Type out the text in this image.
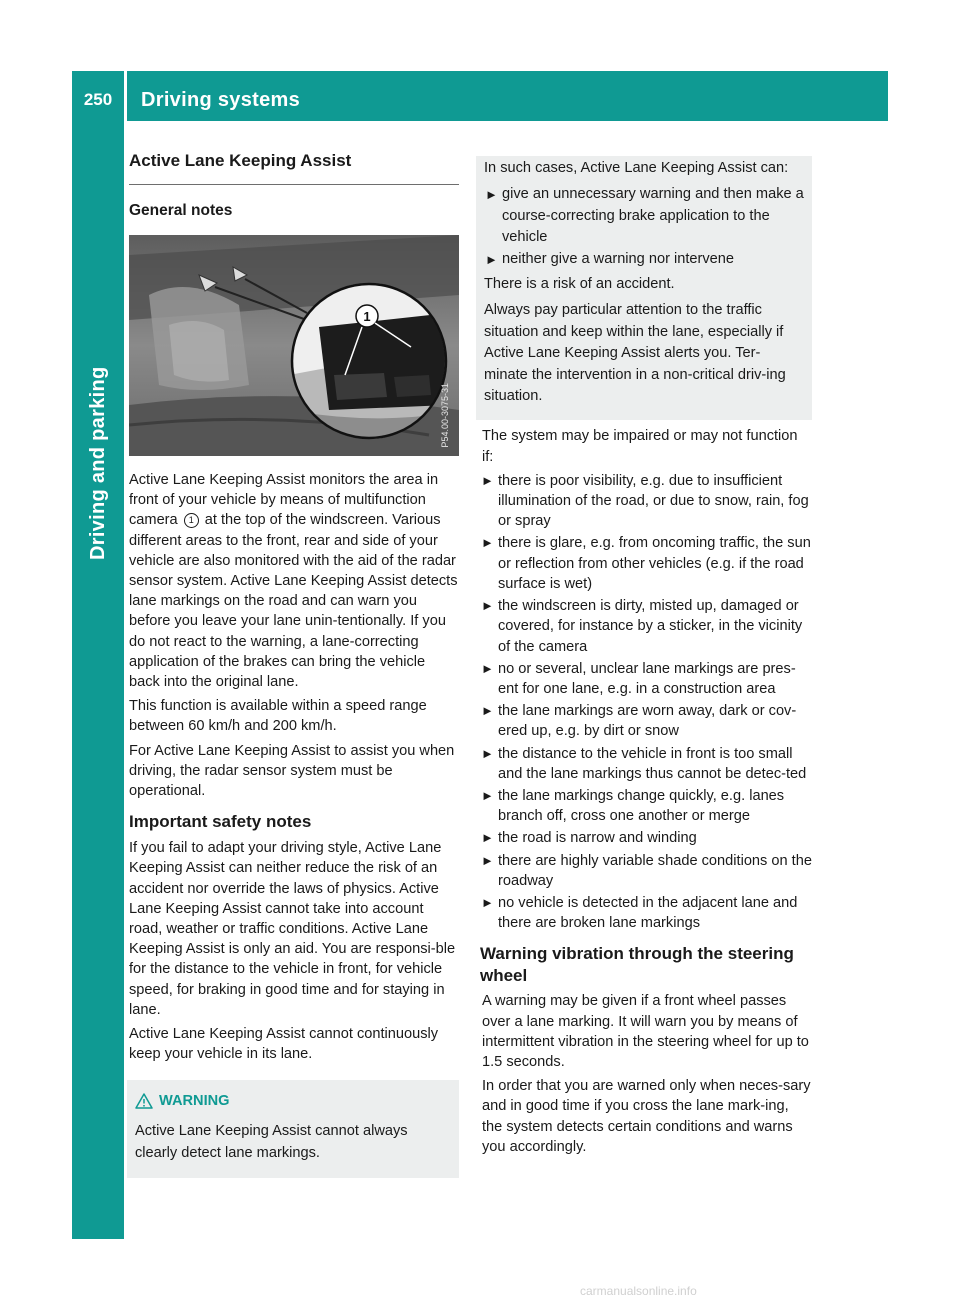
250	Driving systems
Driving and parking
Active Lane Keeping Assist
General notes
1
P54.00-3075-31

Active Lane Keeping Assist monitors the area in front of your vehicle by means of multifunction camera 1 at the top of the windscreen. Various different areas to the front, rear and side of your vehicle are also monitored with the aid of the radar sensor system. Active Lane Keeping Assist detects lane markings on the road and can warn you before you leave your lane unin-tentionally. If you do not react to the warning, a lane-correcting application of the brakes can bring the vehicle back into the original lane.

This function is available within a speed range between 60 km/h and 200 km/h.

For Active Lane Keeping Assist to assist you when driving, the radar sensor system must be operational.

Important safety notes

If you fail to adapt your driving style, Active Lane Keeping Assist can neither reduce the risk of an accident nor override the laws of physics. Active Lane Keeping Assist cannot take into account road, weather or traffic conditions. Active Lane Keeping Assist is only an aid. You are responsi-ble for the distance to the vehicle in front, for vehicle speed, for braking in good time and for staying in lane.

Active Lane Keeping Assist cannot continuously keep your vehicle in its lane.

WARNING

Active Lane Keeping Assist cannot always clearly detect lane markings.

In such cases, Active Lane Keeping Assist can:

► give an unnecessary warning and then make a course-correcting brake application to the vehicle
► neither give a warning nor intervene

There is a risk of an accident.

Always pay particular attention to the traffic situation and keep within the lane, especially if Active Lane Keeping Assist alerts you. Ter-minate the intervention in a non-critical driv-ing situation.

The system may be impaired or may not function if:

► there is poor visibility, e.g. due to insufficient illumination of the road, or due to snow, rain, fog or spray
► there is glare, e.g. from oncoming traffic, the sun or reflection from other vehicles (e.g. if the road surface is wet)
► the windscreen is dirty, misted up, damaged or covered, for instance by a sticker, in the vicinity of the camera
► no or several, unclear lane markings are pres-ent for one lane, e.g. in a construction area
► the lane markings are worn away, dark or cov-ered up, e.g. by dirt or snow
► the distance to the vehicle in front is too small and the lane markings thus cannot be detec-ted
► the lane markings change quickly, e.g. lanes branch off, cross one another or merge
► the road is narrow and winding
► there are highly variable shade conditions on the roadway
► no vehicle is detected in the adjacent lane and there are broken lane markings
Warning vibration through the steering wheel

A warning may be given if a front wheel passes over a lane marking. It will warn you by means of intermittent vibration in the steering wheel for up to 1.5 seconds.

In order that you are warned only when neces-sary and in good time if you cross the lane mark-ing, the system detects certain conditions and warns you accordingly.

carmanualsonline.info
